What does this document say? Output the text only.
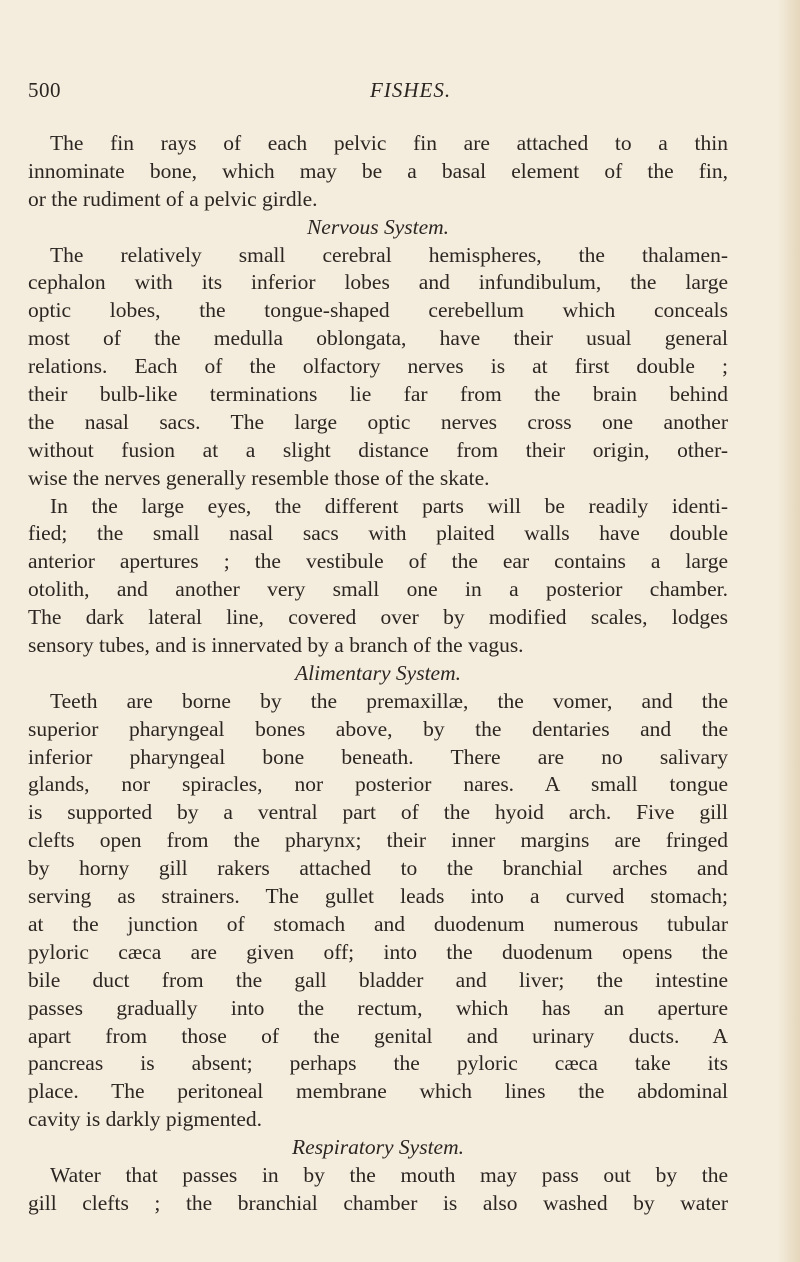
500	FISHES.
The fin rays of each pelvic fin are attached to a thin
innominate bone, which may be a basal element of the fin,
or the rudiment of a pelvic girdle.
Nervous System.
The relatively small cerebral hemispheres, the thalamen-
cephalon with its inferior lobes and infundibulum, the large
optic lobes, the tongue-shaped cerebellum which conceals
most of the medulla oblongata, have their usual general
relations. Each of the olfactory nerves is at first double ;
their bulb-like terminations lie far from the brain behind
the nasal sacs. The large optic nerves cross one another
without fusion at a slight distance from their origin, other-
wise the nerves generally resemble those of the skate.
In the large eyes, the different parts will be readily identi-
fied; the small nasal sacs with plaited walls have double
anterior apertures ; the vestibule of the ear contains a large
otolith, and another very small one in a posterior chamber.
The dark lateral line, covered over by modified scales, lodges
sensory tubes, and is innervated by a branch of the vagus.
Alimentary System.
Teeth are borne by the premaxillæ, the vomer, and the
superior pharyngeal bones above, by the dentaries and the
inferior pharyngeal bone beneath. There are no salivary
glands, nor spiracles, nor posterior nares. A small tongue
is supported by a ventral part of the hyoid arch. Five gill
clefts open from the pharynx; their inner margins are fringed
by horny gill rakers attached to the branchial arches and
serving as strainers. The gullet leads into a curved stomach;
at the junction of stomach and duodenum numerous tubular
pyloric cæca are given off; into the duodenum opens the
bile duct from the gall bladder and liver; the intestine
passes gradually into the rectum, which has an aperture
apart from those of the genital and urinary ducts. A
pancreas is absent; perhaps the pyloric cæca take its
place. The peritoneal membrane which lines the abdominal
cavity is darkly pigmented.
Respiratory System.
Water that passes in by the mouth may pass out by the
gill clefts ; the branchial chamber is also washed by water
